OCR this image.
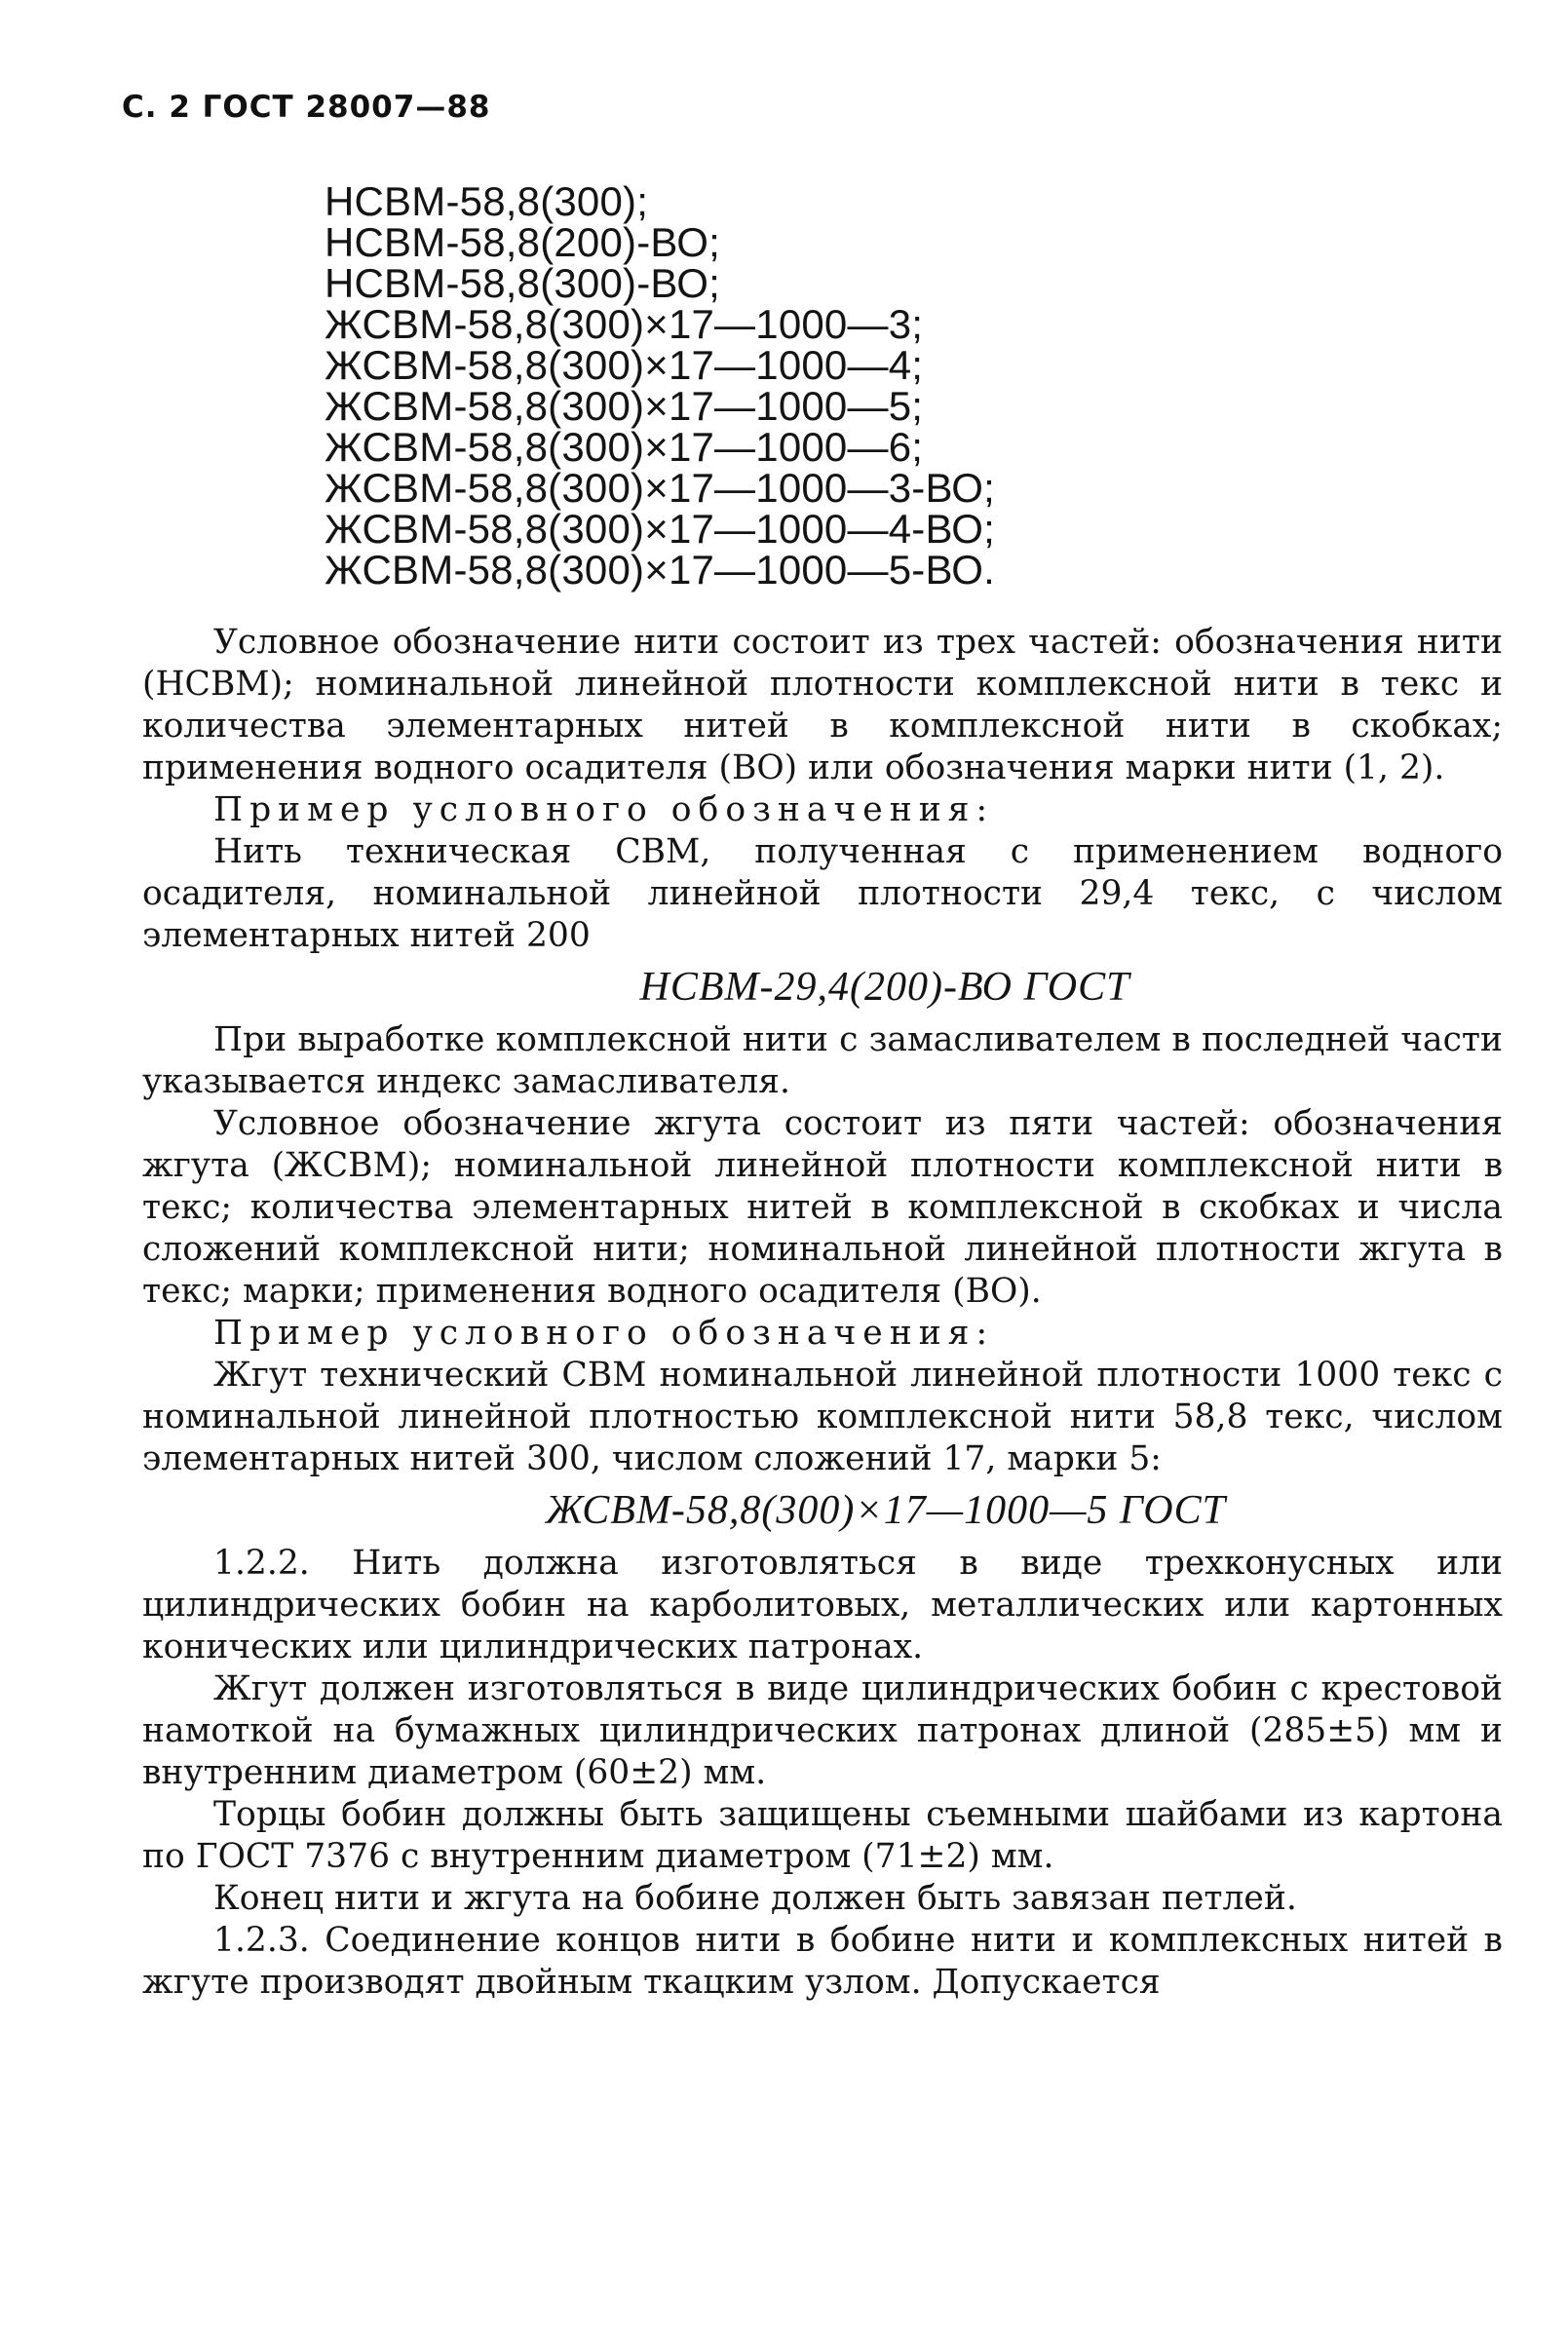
С. 2 ГОСТ 28007—88
НСВМ-58,8(300);
НСВМ-58,8(200)-ВО;
НСВМ-58,8(300)-ВО;
ЖСВМ-58,8(300)×17—1000—3;
ЖСВМ-58,8(300)×17—1000—4;
ЖСВМ-58,8(300)×17—1000—5;
ЖСВМ-58,8(300)×17—1000—6;
ЖСВМ-58,8(300)×17—1000—3-ВО;
ЖСВМ-58,8(300)×17—1000—4-ВО;
ЖСВМ-58,8(300)×17—1000—5-ВО.

Условное обозначение нити состоит из трех частей: обозначения нити (НСВМ); номинальной линейной плотности комплексной нити в текс и количества элементарных нитей в комплексной нити в скобках; применения водного осадителя (ВО) или обозначения марки нити (1, 2).

Пример условного обозначения:

Нить техническая СВМ, полученная с применением водного осадителя, номинальной линейной плотности 29,4 текс, с числом элементарных нитей 200

НСВМ-29,4(200)-ВО ГОСТ

При выработке комплексной нити с замасливателем в последней части указывается индекс замасливателя.

Условное обозначение жгута состоит из пяти частей: обозначения жгута (ЖСВМ); номинальной линейной плотности комплексной нити в текс; количества элементарных нитей в комплексной в скобках и числа сложений комплексной нити; номинальной линейной плотности жгута в текс; марки; применения водного осадителя (ВО).

Пример условного обозначения:

Жгут технический СВМ номинальной линейной плотности 1000 текс с номинальной линейной плотностью комплексной нити 58,8 текс, числом элементарных нитей 300, числом сложений 17, марки 5:

ЖСВМ-58,8(300)×17—1000—5 ГОСТ

1.2.2. Нить должна изготовляться в виде трехконусных или цилиндрических бобин на карболитовых, металлических или картонных конических или цилиндрических патронах.

Жгут должен изготовляться в виде цилиндрических бобин с крестовой намоткой на бумажных цилиндрических патронах длиной (285±5) мм и внутренним диаметром (60±2) мм.

Торцы бобин должны быть защищены съемными шайбами из картона по ГОСТ 7376 с внутренним диаметром (71±2) мм.

Конец нити и жгута на бобине должен быть завязан петлей.

1.2.3. Соединение концов нити в бобине нити и комплексных нитей в жгуте производят двойным ткацким узлом. Допускается
